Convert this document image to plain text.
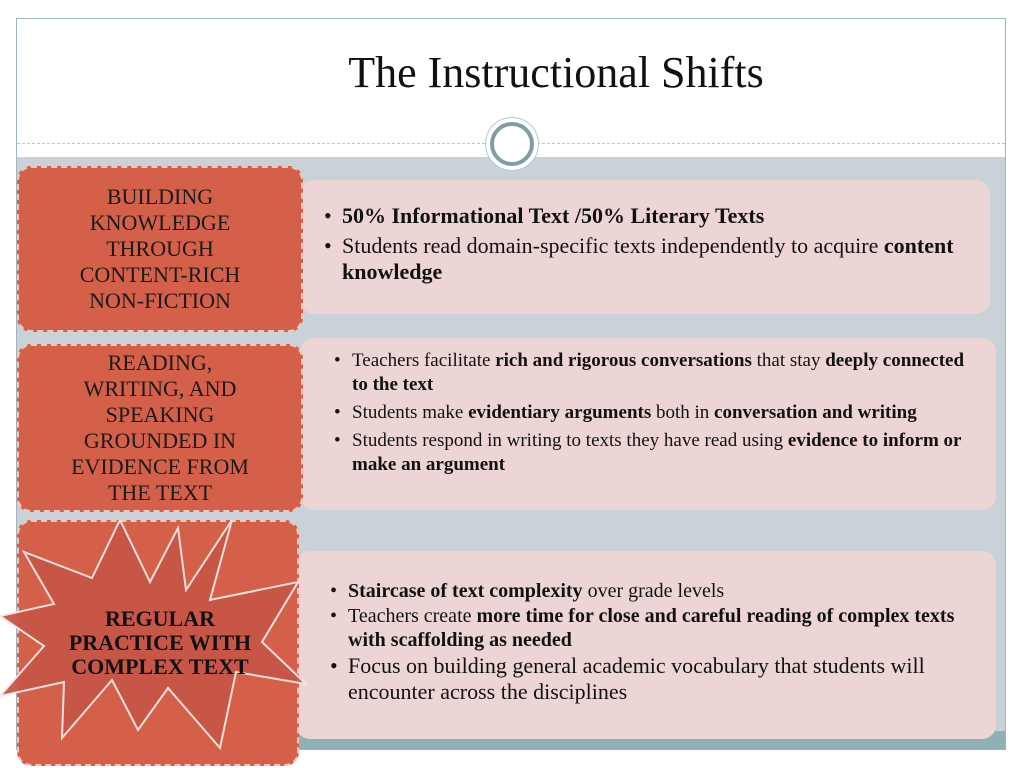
The Instructional Shifts
• 50% Informational Text /50% Literary Texts
• Students read domain-specific texts independently to acquire content knowledge
BUILDING
KNOWLEDGE
THROUGH
CONTENT-RICH
NON-FICTION
• Teachers facilitate rich and rigorous conversations that stay deeply connected to the text
• Students make evidentiary arguments both in conversation and writing
• Students respond in writing to texts they have read using evidence to inform or make an argument
READING,
WRITING, AND
SPEAKING
GROUNDED IN
EVIDENCE FROM
THE TEXT
• Staircase of text complexity over grade levels
• Teachers create more time for close and careful reading of complex texts with scaffolding as needed
• Focus on building general academic vocabulary that students will encounter across the disciplines
REGULAR
PRACTICE WITH
COMPLEX TEXT
